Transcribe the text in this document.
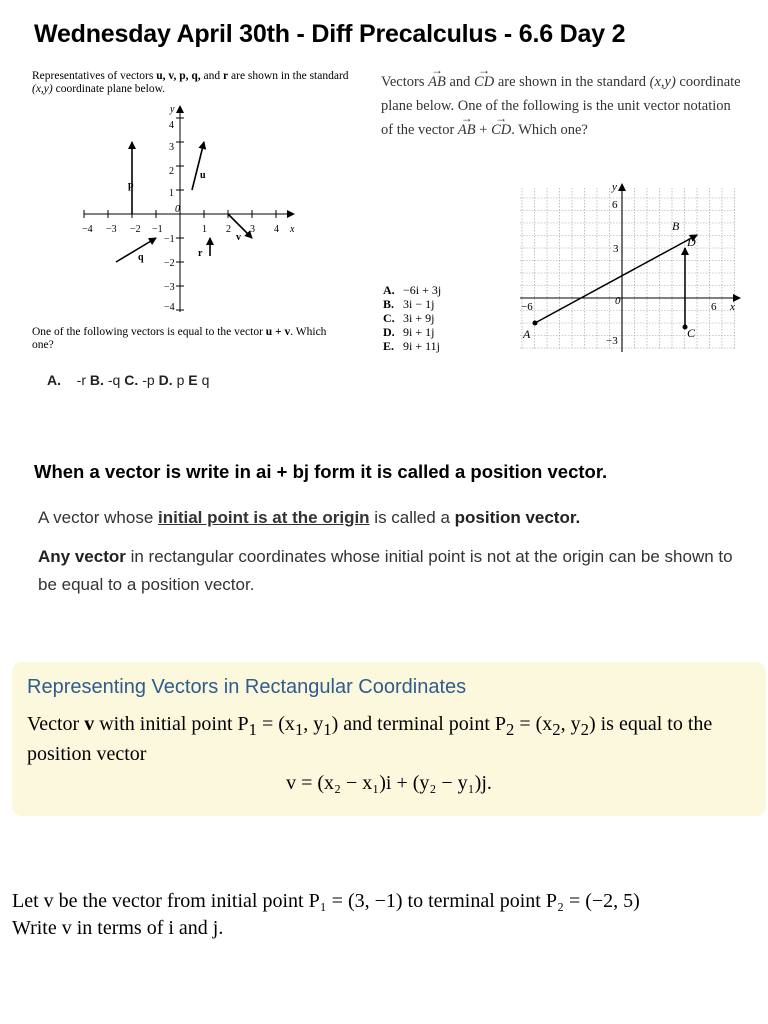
Wednesday April 30th - Diff Precalculus - 6.6 Day 2
Representatives of vectors u, v, p, q, and r are shown in the standard (x,y) coordinate plane below.
−4 −3 −2 −1	1 2 3 4 x
y
4
3
2
1
−1
−2
−3
−4
0
p
q
u
v
r
One of the following vectors is equal to the vector u + v. Which one?
A. -r B. -q C. -p D. p E q
Vectors → AB and → CD are shown in the standard (x,y) coordinate plane below. One of the following is the unit vector notation of the vector → AB + → CD. Which one?
A. −6i + 3j
B. 3i − 1j
C. 3i + 9j
D. 9i + 1j
E. 9i + 11j
y
6
3
−6	6 x
−3
0
A
B
C
D
When a vector is write in ai + bj form it is called a position vector.
A vector whose initial point is at the origin is called a position vector.
Any vector in rectangular coordinates whose initial point is not at the origin can be shown to be equal to a position vector.
Representing Vectors in Rectangular Coordinates
Vector v with initial point $P_1 = (x_1$, $y_1$) and terminal point $P_2 = (x_2$, $y_2$) is equal to the position vector
v = (x₂ − x₁)i + (y₂ − y₁)j.
Let v be the vector from initial point P₁ = (3, −1) to terminal point P₂ = (−2, 5)
Write v in terms of i and j.
